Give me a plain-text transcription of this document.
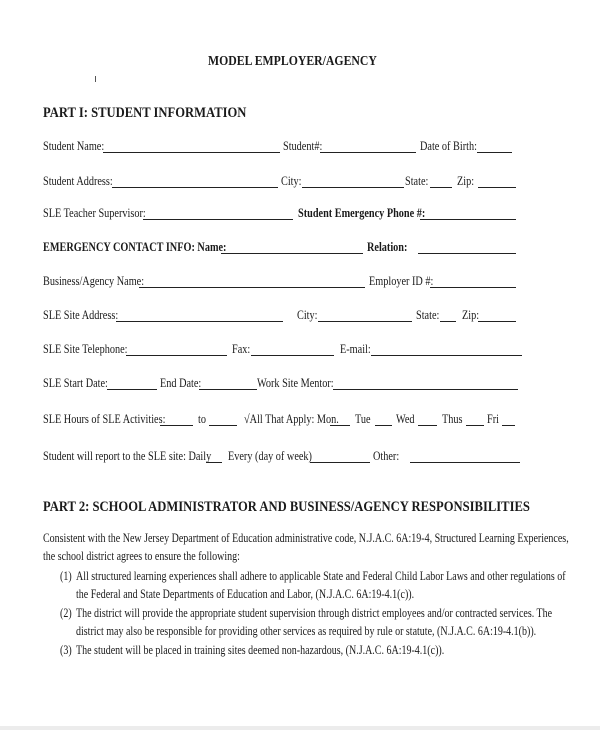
MODEL EMPLOYER/AGENCY
PART I: STUDENT INFORMATION
Student Name:	Student#:	Date of Birth:
Student Address:	City:	State: Zip:
SLE Teacher Supervisor:	Student Emergency Phone #:
EMERGENCY CONTACT INFO: Name:	Relation:
Business/Agency Name:	Employer ID #:
SLE Site Address:	City:	State: Zip:
SLE Site Telephone:	Fax:	E-mail:
SLE Start Date:	End Date:	Work Site Mentor:
SLE Hours of SLE Activities:	to	√All That Apply: Mon. Tue Wed Thus Fri
Student will report to the SLE site: Daily Every (day of week)	Other:
PART 2: SCHOOL ADMINISTRATOR AND BUSINESS/AGENCY RESPONSIBILITIES
Consistent with the New Jersey Department of Education administrative code, N.J.A.C. 6A:19-4, Structured Learning Experiences,
the school district agrees to ensure the following:
(1) All structured learning experiences shall adhere to applicable State and Federal Child Labor Laws and other regulations of
the Federal and State Departments of Education and Labor, (N.J.A.C. 6A:19-4.1(c)).
(2) The district will provide the appropriate student supervision through district employees and/or contracted services. The
district may also be responsible for providing other services as required by rule or statute, (N.J.A.C. 6A:19-4.1(b)).
(3) The student will be placed in training sites deemed non-hazardous, (N.J.A.C. 6A:19-4.1(c)).
